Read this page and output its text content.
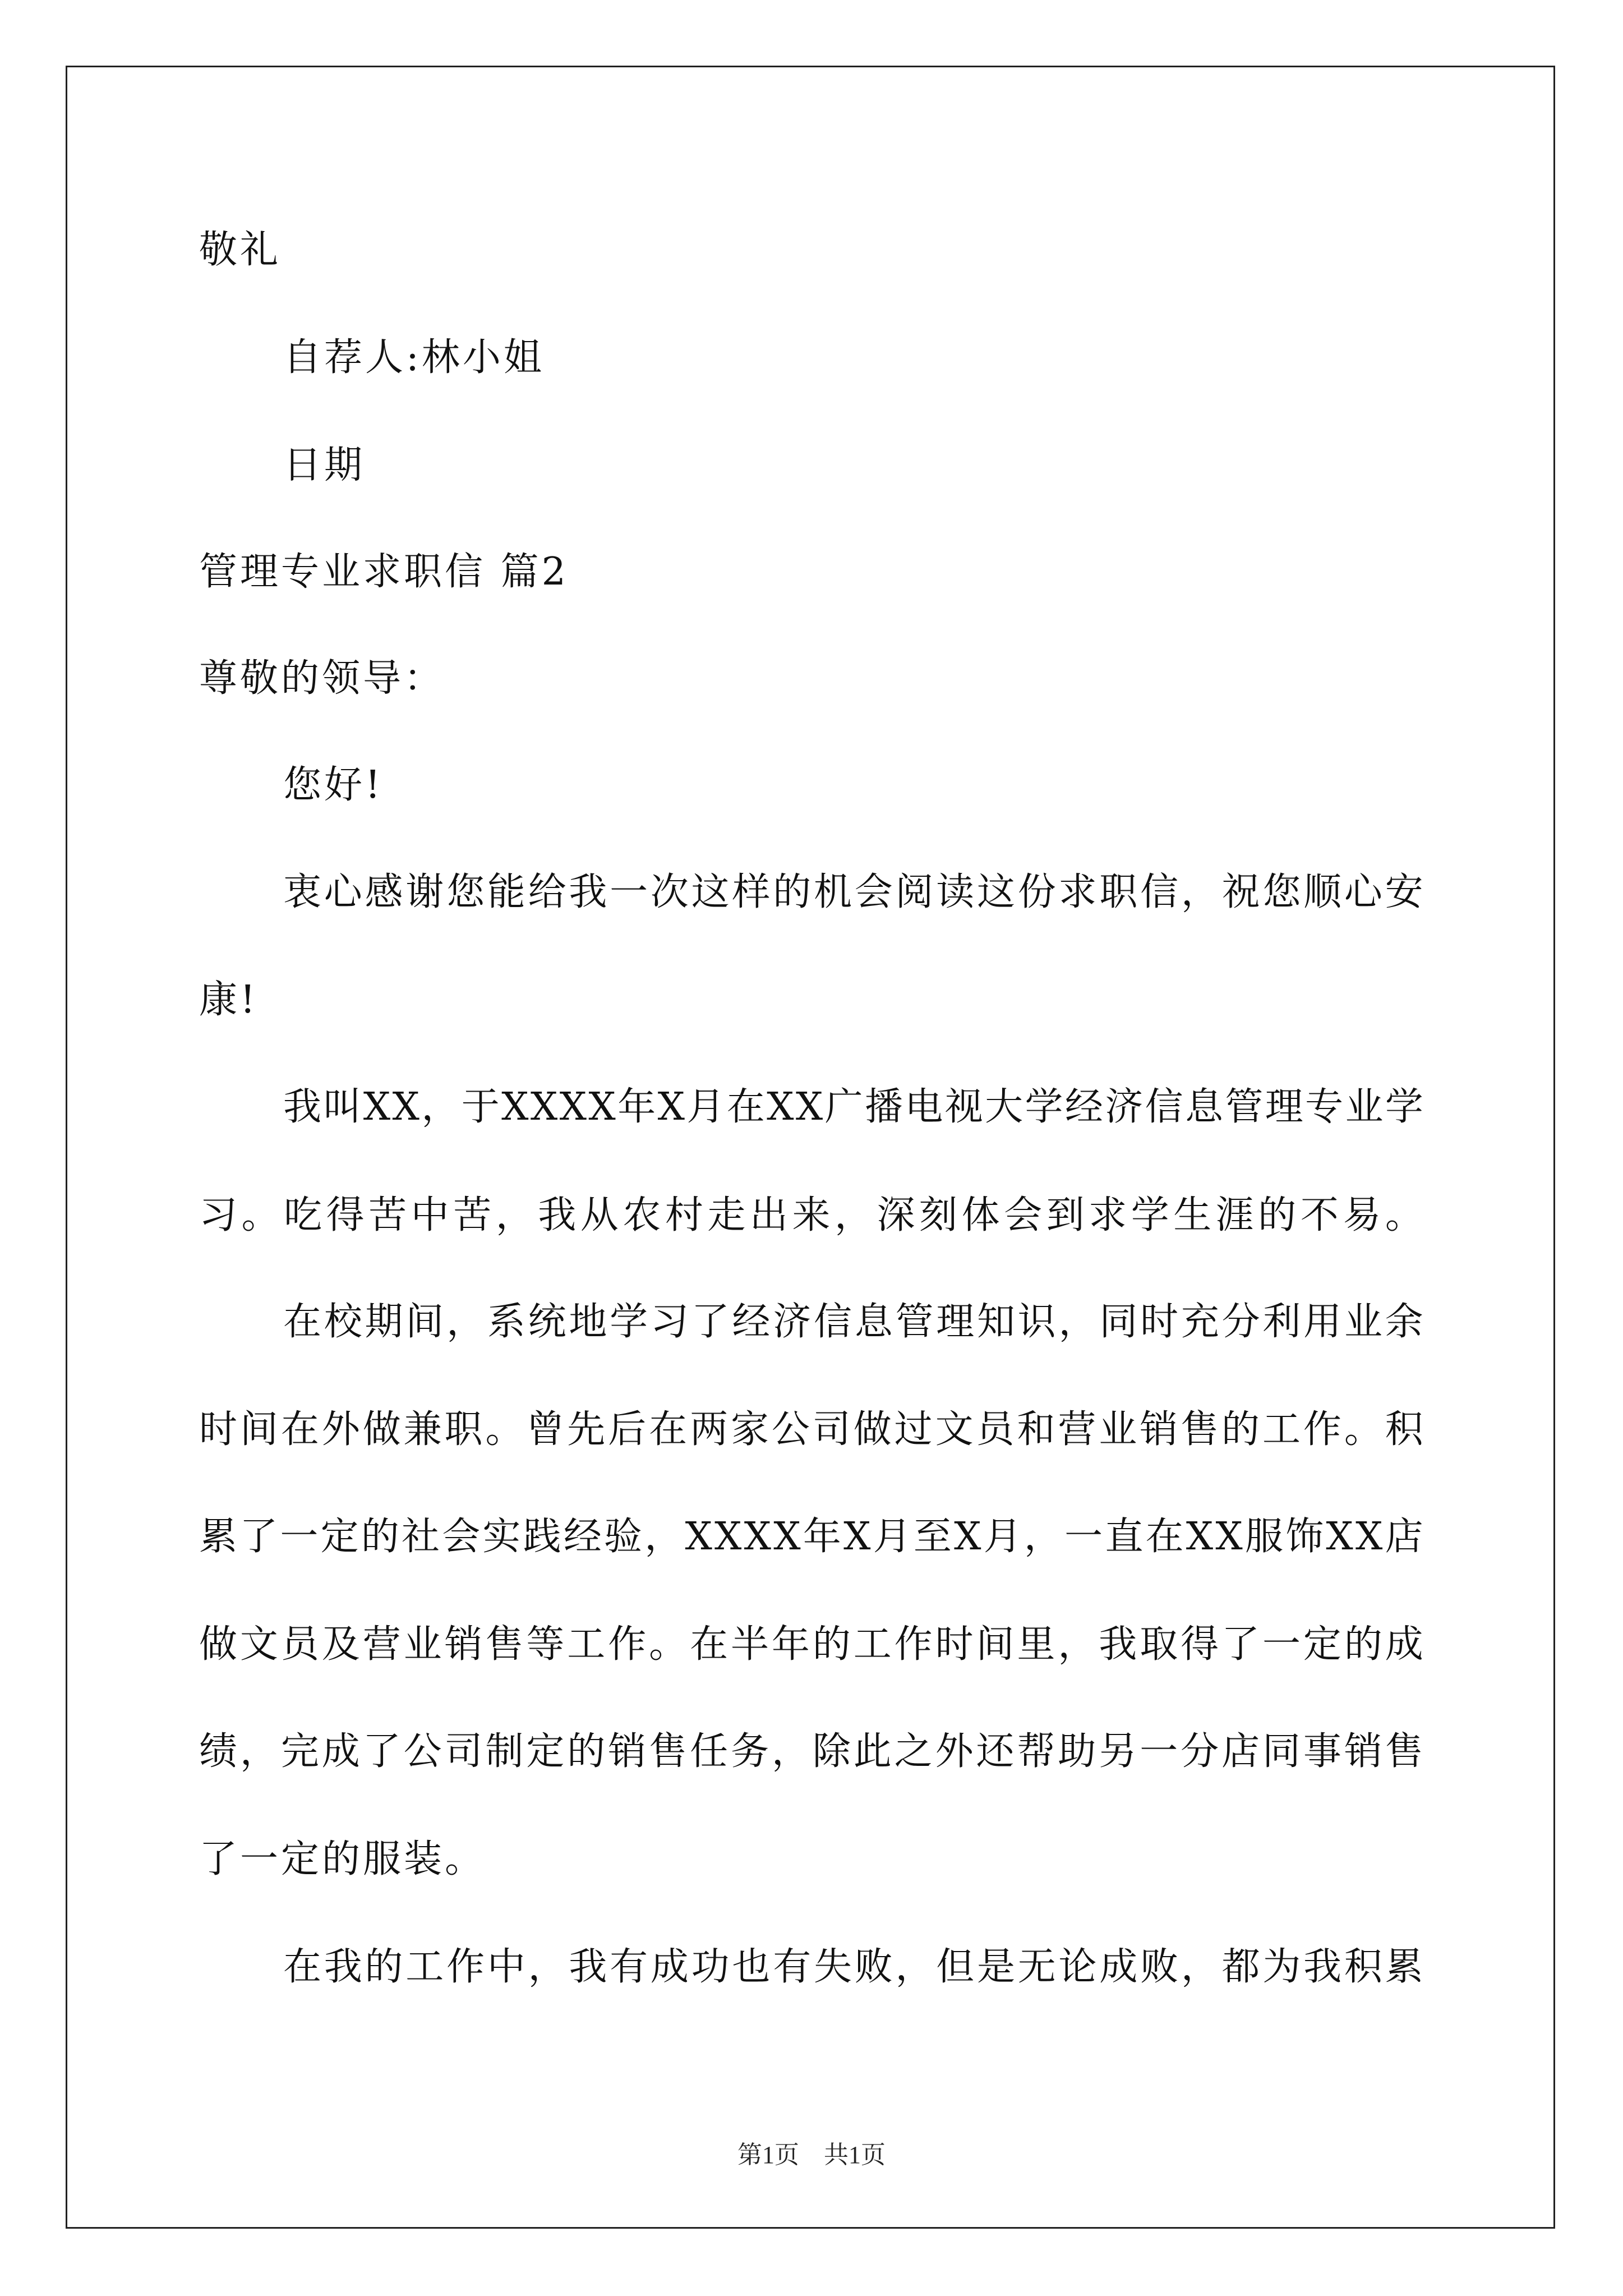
敬礼
自荐人:林小姐
日期
管理专业求职信 篇2
尊敬的领导：
您好!
衷 心 感 谢 您 能 给 我 一 次 这 样 的 机 会 阅 读 这 份 求 职 信 ， 祝 您 顺 心 安
康!
我 叫 X X ， 于 X X X X 年 X 月 在 X X 广 播 电 视 大 学 经 济 信 息 管 理 专 业 学
习 。 吃 得 苦 中 苦 ， 我 从 农 村 走 出 来 ， 深 刻 体 会 到 求 学 生 涯 的 不 易 。
在 校 期 间 ， 系 统 地 学 习 了 经 济 信 息 管 理 知 识 ， 同 时 充 分 利 用 业 余
时 间 在 外 做 兼 职 。 曾 先 后 在 两 家 公 司 做 过 文 员 和 营 业 销 售 的 工 作 。 积
累 了 一 定 的 社 会 实 践 经 验 ， X X X X 年 X 月 至 X 月 ， 一 直 在 X X 服 饰 X X 店
做 文 员 及 营 业 销 售 等 工 作 。 在 半 年 的 工 作 时 间 里 ， 我 取 得 了 一 定 的 成
绩 ， 完 成 了 公 司 制 定 的 销 售 任 务 ， 除 此 之 外 还 帮 助 另 一 分 店 同 事 销 售
了一定的服装。
在 我 的 工 作 中 ， 我 有 成 功 也 有 失 败 ， 但 是 无 论 成 败 ， 都 为 我 积 累
第1页　共1页
